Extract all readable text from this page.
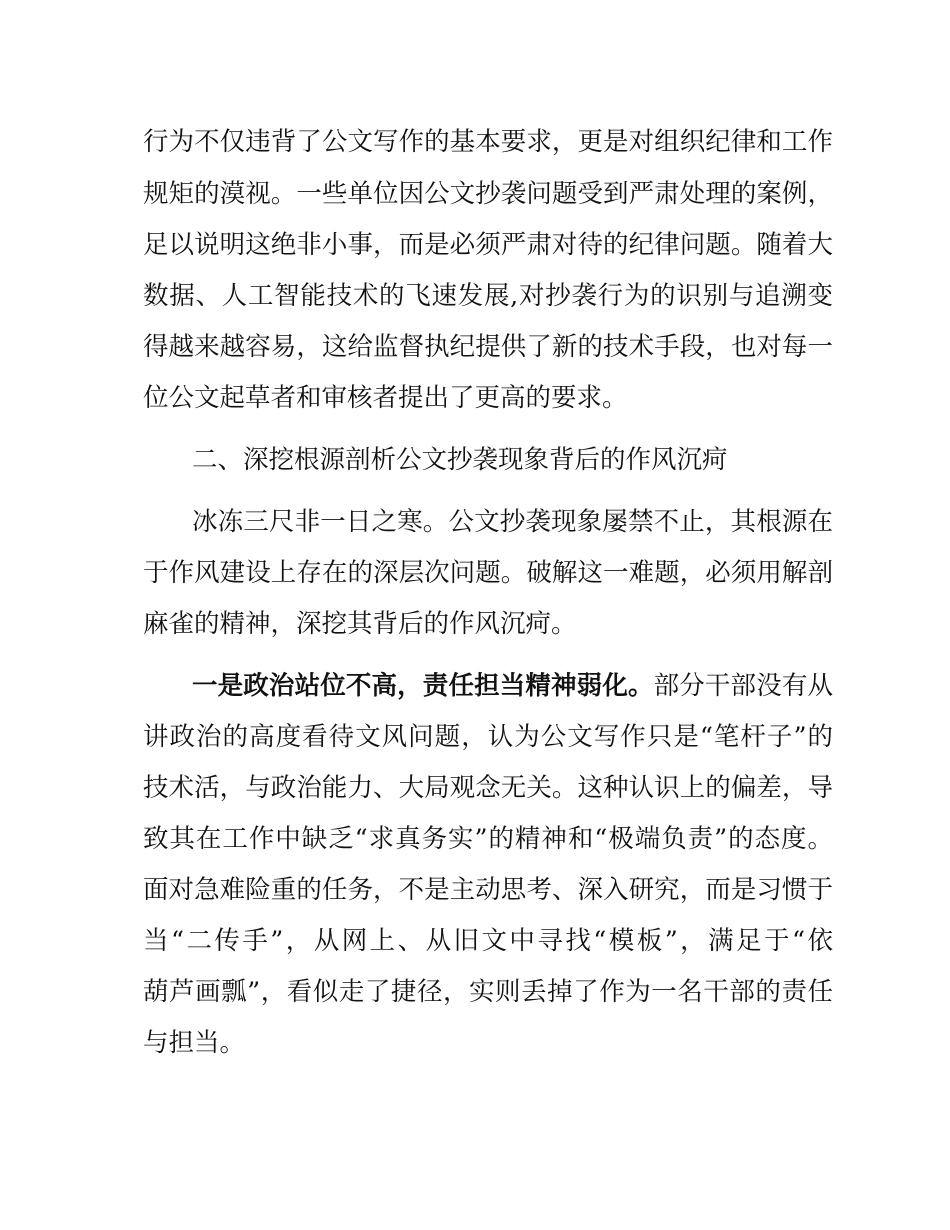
行为不仅违背了公文写作的基本要求，更是对组织纪律和工作
规矩的漠视。一些单位因公文抄袭问题受到严肃处理的案例，
足以说明这绝非小事，而是必须严肃对待的纪律问题。随着大
数据、人工智能技术的飞速发展,对抄袭行为的识别与追溯变
得越来越容易，这给监督执纪提供了新的技术手段，也对每一
位公文起草者和审核者提出了更高的要求。
二、深挖根源剖析公文抄袭现象背后的作风沉疴
冰冻三尺非一日之寒。公文抄袭现象屡禁不止，其根源在
于作风建设上存在的深层次问题。破解这一难题，必须用解剖
麻雀的精神，深挖其背后的作风沉疴。
一是政治站位不高，责任担当精神弱化。部分干部没有从
讲政治的高度看待文风问题，认为公文写作只是“笔杆子”的
技术活，与政治能力、大局观念无关。这种认识上的偏差，导
致其在工作中缺乏“求真务实”的精神和“极端负责”的态度。
面对急难险重的任务，不是主动思考、深入研究，而是习惯于
当“二传手”，从网上、从旧文中寻找“模板”，满足于“依
葫芦画瓢”，看似走了捷径，实则丢掉了作为一名干部的责任
与担当。
